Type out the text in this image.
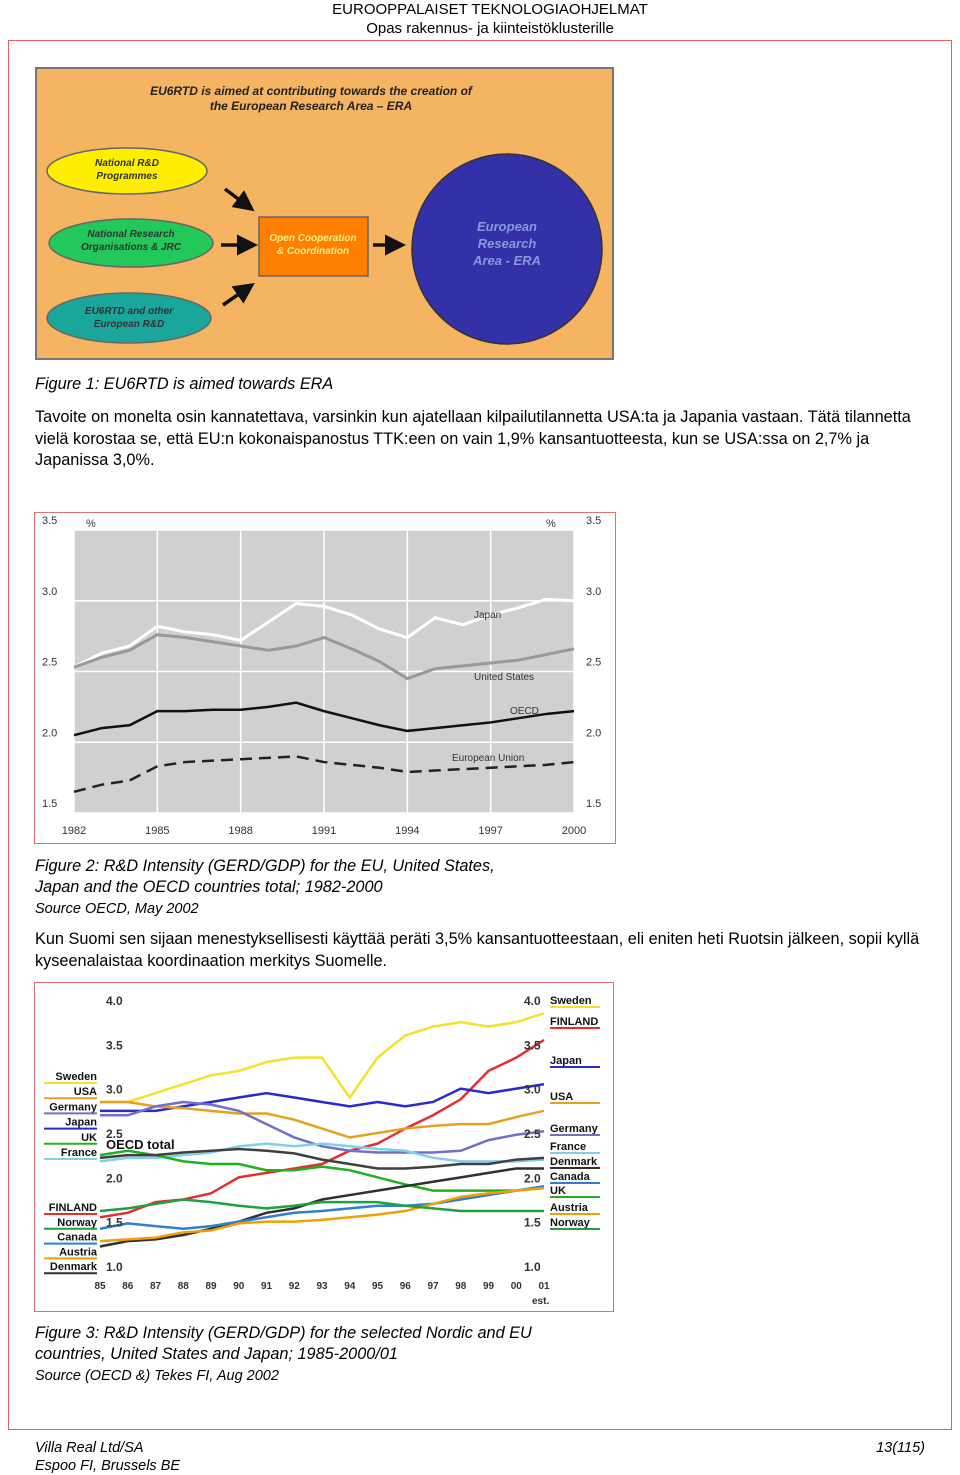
EUROOPPALAISET TEKNOLOGIAOHJELMAT
Opas rakennus- ja kiinteistöklusterille
EU6RTD is aimed at contributing towards the creation of
the European Research Area – ERA
National R&D
Programmes
National Research
Organisations & JRC
EU6RTD and other
European R&D
Open Cooperation
& Coordination
European
Research
Area - ERA
Figure 1: EU6RTD is aimed towards ERA
Tavoite on monelta osin kannatettava, varsinkin kun ajatellaan kilpailutilannetta USA:ta ja Japania vastaan. Tätä tilannetta vielä korostaa se, että EU:n kokonaispanostus TTK:een on vain 1,9% kansantuotteesta, kun se USA:ssa on 2,7% ja Japanissa 3,0%.
1.5	1.5
2.0	2.0
2.5	2.5
3.0	3.0
3.5	3.5
1982	1985	1988	1991	1994	1997	2000
%	%
Japan
United States
OECD
European Union
Figure 2: R&D Intensity (GERD/GDP) for the EU, United States,
Japan and the OECD countries total; 1982-2000
Source OECD, May 2002
Kun Suomi sen sijaan menestyksellisesti käyttää peräti 3,5% kansantuotteestaan, eli eniten heti Ruotsin jälkeen, sopii kyllä kyseenalaistaa koordinaation merkitys Suomelle.
1.0	1.0
1.5	1.5
2.0	2.0
2.5	2.5
3.0	3.0
3.5	3.5
4.0	4.0
85 86 87 88 89 90 91 92 93 94 95 96 97 98 99 00 01
OECD total
est.
Sweden
USA
Germany
Japan
UK
France
FINLAND
Norway
Canada
Austria
Denmark
Sweden
FINLAND
Japan
USA
Germany
France
Denmark
Canada
UK
Austria
Norway
Figure 3: R&D Intensity (GERD/GDP) for the selected Nordic and EU
countries, United States and Japan; 1985-2000/01
Source (OECD &) Tekes FI, Aug 2002
Villa Real Ltd/SA
Espoo FI, Brussels BE
13(115)
